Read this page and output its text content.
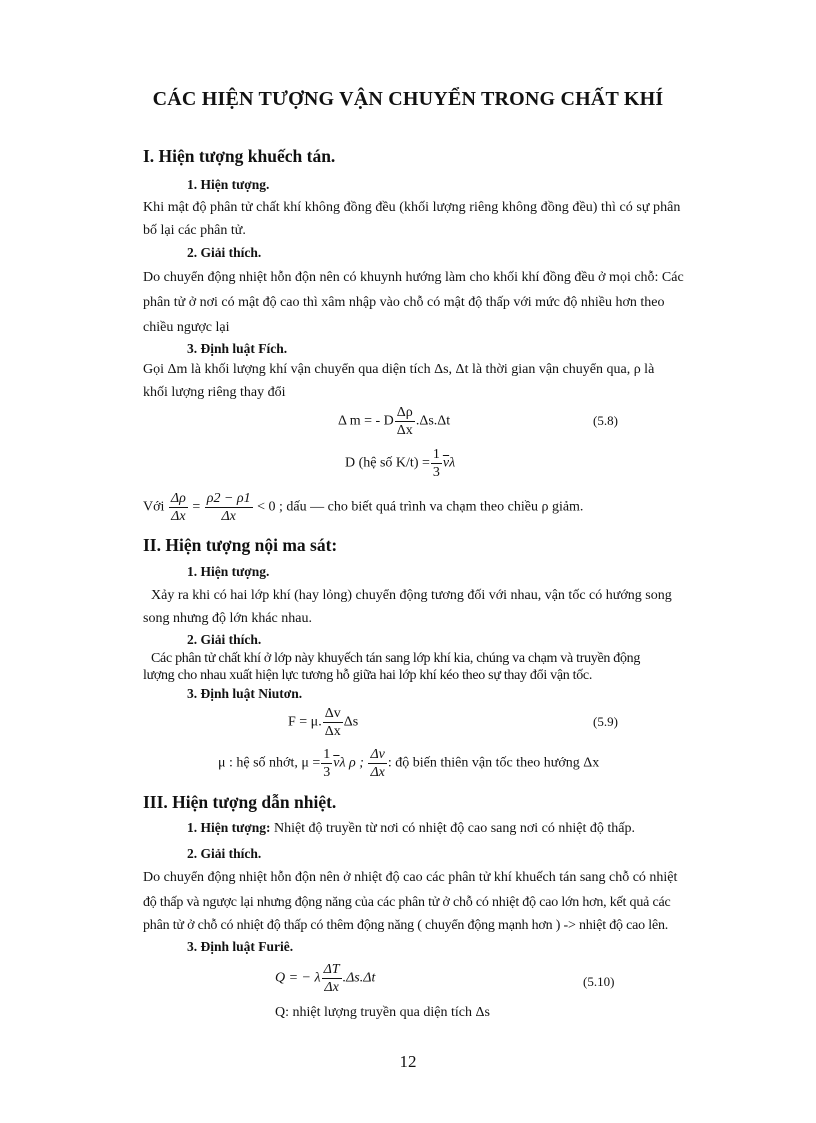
CÁC HIỆN TƯỢNG VẬN CHUYỂN TRONG CHẤT KHÍ
I. Hiện tượng khuếch tán.
1. Hiện tượng.
Khi mật độ phân tử chất khí không đồng đều (khối lượng riêng không đồng đều) thì có sự phân
bố lại các phân tử.
2. Giải thích.
Do chuyển động nhiệt hỗn độn nên có khuynh hướng làm cho khối khí đồng đều ở mọi chỗ: Các
phân tử ở nơi có mật độ cao thì xâm nhập vào chỗ có mật độ thấp với mức độ nhiều hơn theo
chiều ngược lại
3. Định luật Fích.
Gọi Δm là khối lượng khí vận chuyển qua diện tích Δs, Δt là thời gian vận chuyển qua, ρ là
khối lượng riêng thay đổi
Δ m = - D $\frac{\Delta\rho}{\Delta x} .\Delta s.\Delta t$	(5.8)
D (hệ số $K/t) = \frac{1}{3} \overline{v}\lambda$
Với $\frac{\Delta\rho}{\Delta x} = \frac{\rho 2 - \rho 1}{\Delta x} < 0$ ; dấu — cho biết quá trình va chạm theo chiều ρ giảm.
II. Hiện tượng nội ma sát:
1. Hiện tượng.
Xảy ra khi có hai lớp khí (hay lỏng) chuyển động tương đối với nhau, vận tốc có hướng song
song nhưng độ lớn khác nhau.
2. Giải thích.
Các phân tử chất khí ở lớp này khuyếch tán sang lớp khí kia, chúng va chạm và truyền động
lượng cho nhau xuất hiện lực tương hỗ giữa hai lớp khí kéo theo sự thay đổi vận tốc.
3. Định luật Niutơn.
F = μ. $\frac{\Delta v}{\Delta x}$ Δs	(5.9)
μ : hệ số nhớt, $\mu = \frac{1}{3} \overline{v}\lambda$ ρ ; $\frac{\Delta v}{\Delta x}$ : độ biến thiên vận tốc theo hướng Δx
III. Hiện tượng dẫn nhiệt.
1. Hiện tượng: Nhiệt độ truyền từ nơi có nhiệt độ cao sang nơi có nhiệt độ thấp.
2. Giải thích.
Do chuyển động nhiệt hỗn độn nên ở nhiệt độ cao các phân tử khí khuếch tán sang chỗ có nhiệt
độ thấp và ngược lại nhưng động năng của các phân tử ở chỗ có nhiệt độ cao lớn hơn, kết quả các
phân tử ở chỗ có nhiệt độ thấp có thêm động năng ( chuyển động mạnh hơn ) -> nhiệt độ cao lên.
3. Định luật Furiê.
Q = − λ $\frac{\Delta T}{\Delta x} .\Delta s.\Delta t$	(5.10)
Q: nhiệt lượng truyền qua diện tích Δs
12
